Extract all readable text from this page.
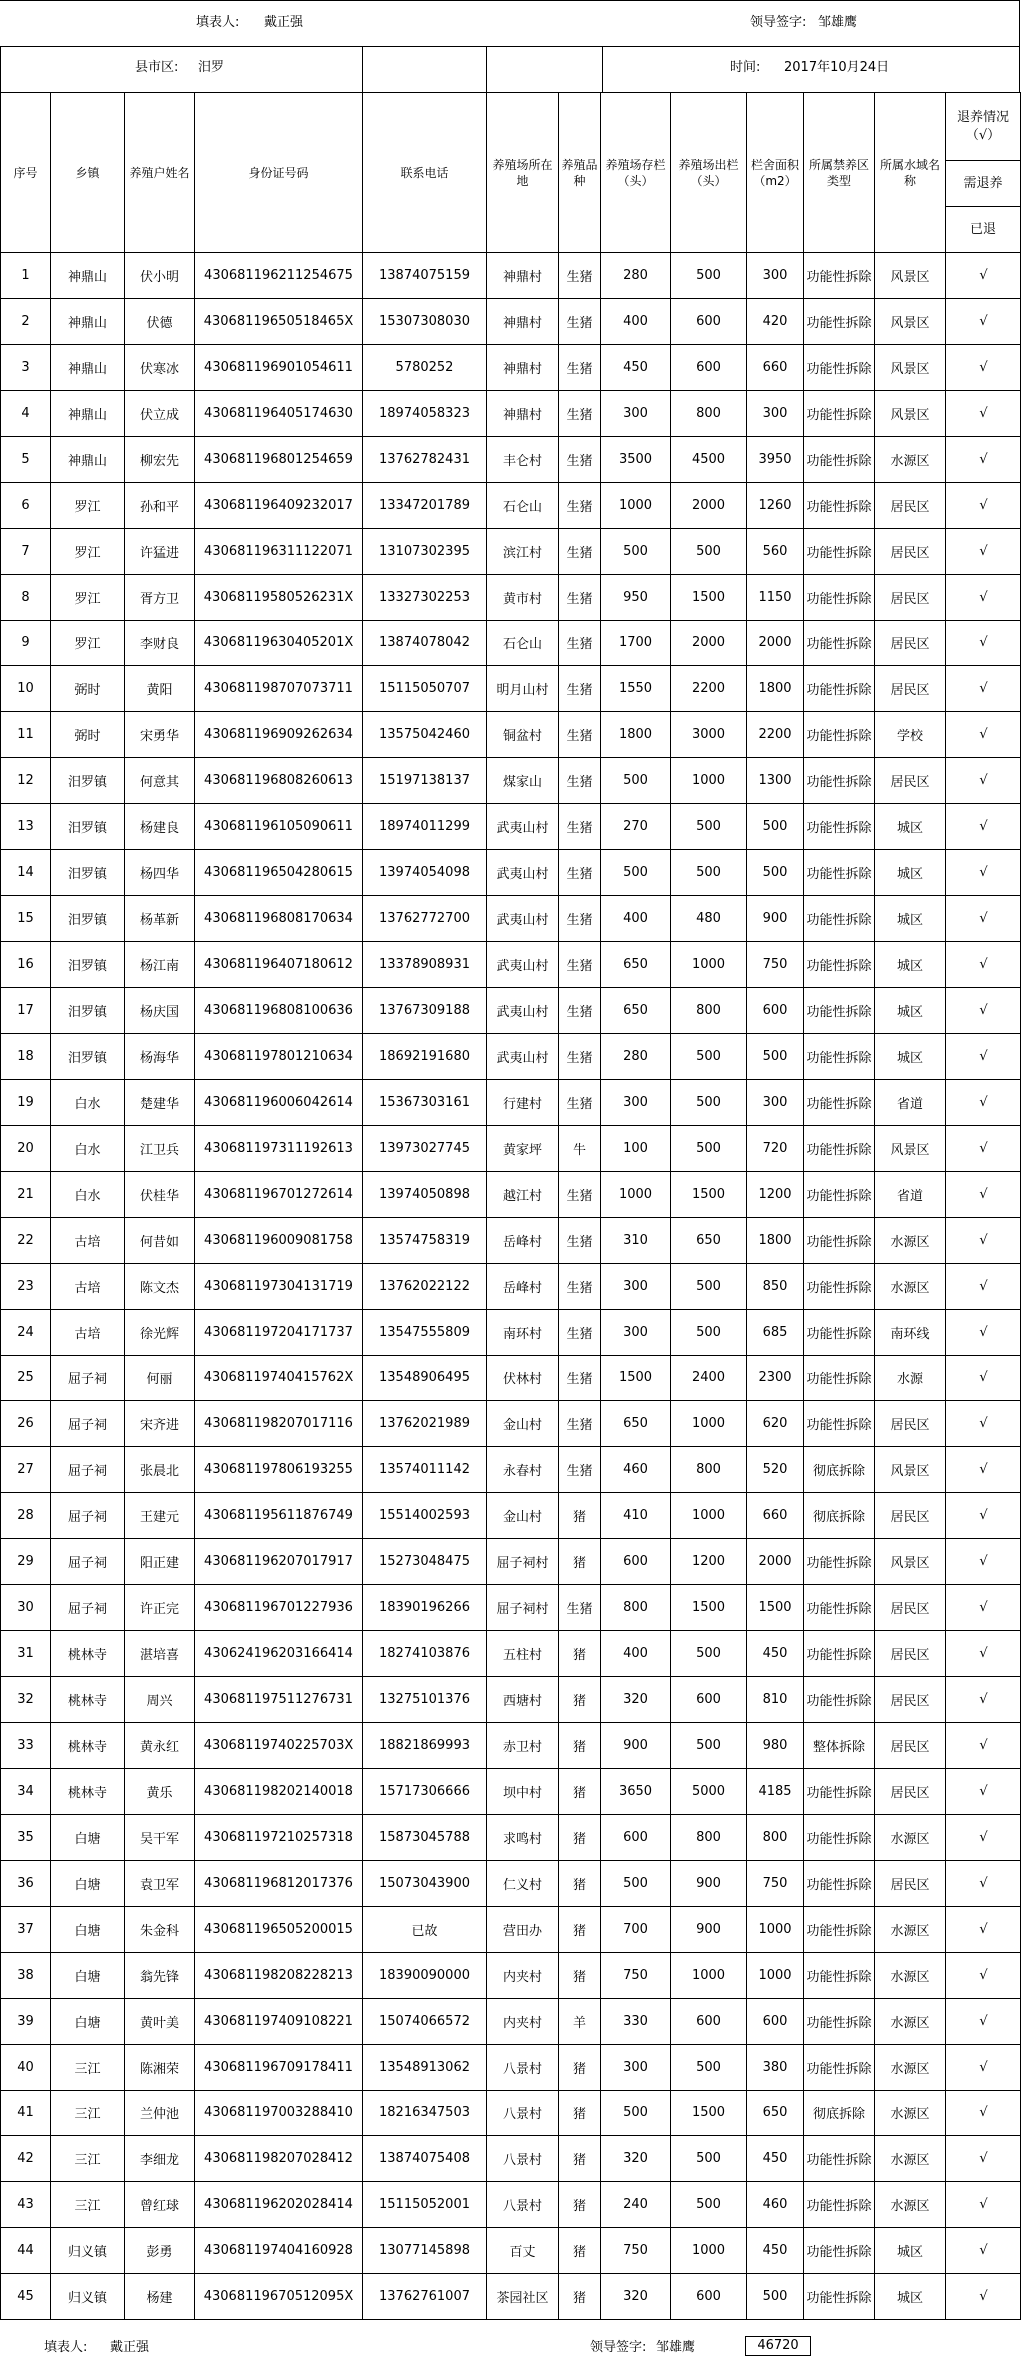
填表人: 戴正强	领导签字: 邹雄鹰
县市区: 汨罗	时间: 2017年10月24日
序号	乡镇	养殖户姓名	身份证号码	联系电话	养殖场所在地	养殖品种	养殖场存栏（头）	养殖场出栏（头）	栏舍面积（m2）	所属禁养区类型	所属水域名称	退养情况（√）
												需退养
												已退
1	神鼎山	伏小明	430681196211254675	13874075159	神鼎村	生猪	280	500	300	功能性拆除	风景区	√
2	神鼎山	伏德	43068119650518465X	15307308030	神鼎村	生猪	400	600	420	功能性拆除	风景区	√
3	神鼎山	伏寒冰	430681196901054611	5780252	神鼎村	生猪	450	600	660	功能性拆除	风景区	√
4	神鼎山	伏立成	430681196405174630	18974058323	神鼎村	生猪	300	800	300	功能性拆除	风景区	√
5	神鼎山	柳宏先	430681196801254659	13762782431	丰仑村	生猪	3500	4500	3950	功能性拆除	水源区	√
6	罗江	孙和平	430681196409232017	13347201789	石仑山	生猪	1000	2000	1260	功能性拆除	居民区	√
7	罗江	许猛进	430681196311122071	13107302395	滨江村	生猪	500	500	560	功能性拆除	居民区	√
8	罗江	胥方卫	43068119580526231X	13327302253	黄市村	生猪	950	1500	1150	功能性拆除	居民区	√
9	罗江	李财良	43068119630405201X	13874078042	石仑山	生猪	1700	2000	2000	功能性拆除	居民区	√
10	弼时	黄阳	430681198707073711	15115050707	明月山村	生猪	1550	2200	1800	功能性拆除	居民区	√
11	弼时	宋勇华	430681196909262634	13575042460	铜盆村	生猪	1800	3000	2200	功能性拆除	学校	√
12	汨罗镇	何意其	430681196808260613	15197138137	煤家山	生猪	500	1000	1300	功能性拆除	居民区	√
13	汨罗镇	杨建良	430681196105090611	18974011299	武夷山村	生猪	270	500	500	功能性拆除	城区	√
14	汨罗镇	杨四华	430681196504280615	13974054098	武夷山村	生猪	500	500	500	功能性拆除	城区	√
15	汨罗镇	杨革新	430681196808170634	13762772700	武夷山村	生猪	400	480	900	功能性拆除	城区	√
16	汨罗镇	杨江南	430681196407180612	13378908931	武夷山村	生猪	650	1000	750	功能性拆除	城区	√
17	汨罗镇	杨庆国	430681196808100636	13767309188	武夷山村	生猪	650	800	600	功能性拆除	城区	√
18	汨罗镇	杨海华	430681197801210634	18692191680	武夷山村	生猪	280	500	500	功能性拆除	城区	√
19	白水	楚建华	430681196006042614	15367303161	行建村	生猪	300	500	300	功能性拆除	省道	√
20	白水	江卫兵	430681197311192613	13973027745	黄家坪	牛	100	500	720	功能性拆除	风景区	√
21	白水	伏桂华	430681196701272614	13974050898	越江村	生猪	1000	1500	1200	功能性拆除	省道	√
22	古培	何昔如	430681196009081758	13574758319	岳峰村	生猪	310	650	1800	功能性拆除	水源区	√
23	古培	陈文杰	430681197304131719	13762022122	岳峰村	生猪	300	500	850	功能性拆除	水源区	√
24	古培	徐光辉	430681197204171737	13547555809	南环村	生猪	300	500	685	功能性拆除	南环线	√
25	屈子祠	何丽	43068119740415762X	13548906495	伏林村	生猪	1500	2400	2300	功能性拆除	水源	√
26	屈子祠	宋齐进	430681198207017116	13762021989	金山村	生猪	650	1000	620	功能性拆除	居民区	√
27	屈子祠	张晨北	430681197806193255	13574011142	永春村	生猪	460	800	520	彻底拆除	风景区	√
28	屈子祠	王建元	430681195611876749	15514002593	金山村	猪	410	1000	660	彻底拆除	居民区	√
29	屈子祠	阳正建	430681196207017917	15273048475	屈子祠村	猪	600	1200	2000	功能性拆除	风景区	√
30	屈子祠	许正完	430681196701227936	18390196266	屈子祠村	生猪	800	1500	1500	功能性拆除	居民区	√
31	桃林寺	湛培喜	430624196203166414	18274103876	五柱村	猪	400	500	450	功能性拆除	居民区	√
32	桃林寺	周兴	430681197511276731	13275101376	西塘村	猪	320	600	810	功能性拆除	居民区	√
33	桃林寺	黄永红	43068119740225703X	18821869993	赤卫村	猪	900	500	980	整体拆除	居民区	√
34	桃林寺	黄乐	430681198202140018	15717306666	坝中村	猪	3650	5000	4185	功能性拆除	居民区	√
35	白塘	吴干军	430681197210257318	15873045788	求鸣村	猪	600	800	800	功能性拆除	水源区	√
36	白塘	袁卫军	430681196812017376	15073043900	仁义村	猪	500	900	750	功能性拆除	居民区	√
37	白塘	朱金科	430681196505200015	已故	营田办	猪	700	900	1000	功能性拆除	水源区	√
38	白塘	翁先锋	430681198208228213	18390090000	内夹村	猪	750	1000	1000	功能性拆除	水源区	√
39	白塘	黄叶美	430681197409108221	15074066572	内夹村	羊	330	600	600	功能性拆除	水源区	√
40	三江	陈湘荣	430681196709178411	13548913062	八景村	猪	300	500	380	功能性拆除	水源区	√
41	三江	兰仲池	430681197003288410	18216347503	八景村	猪	500	1500	650	彻底拆除	水源区	√
42	三江	李细龙	430681198207028412	13874075408	八景村	猪	320	500	450	功能性拆除	水源区	√
43	三江	曾红球	430681196202028414	15115052001	八景村	猪	240	500	460	功能性拆除	水源区	√
44	归义镇	彭勇	430681197404160928	13077145898	百丈	猪	750	1000	450	功能性拆除	城区	√
45	归义镇	杨建	43068119670512095X	13762761007	茶园社区	猪	320	600	500	功能性拆除	城区	√
46720
填表人: 戴正强	领导签字: 邹雄鹰
